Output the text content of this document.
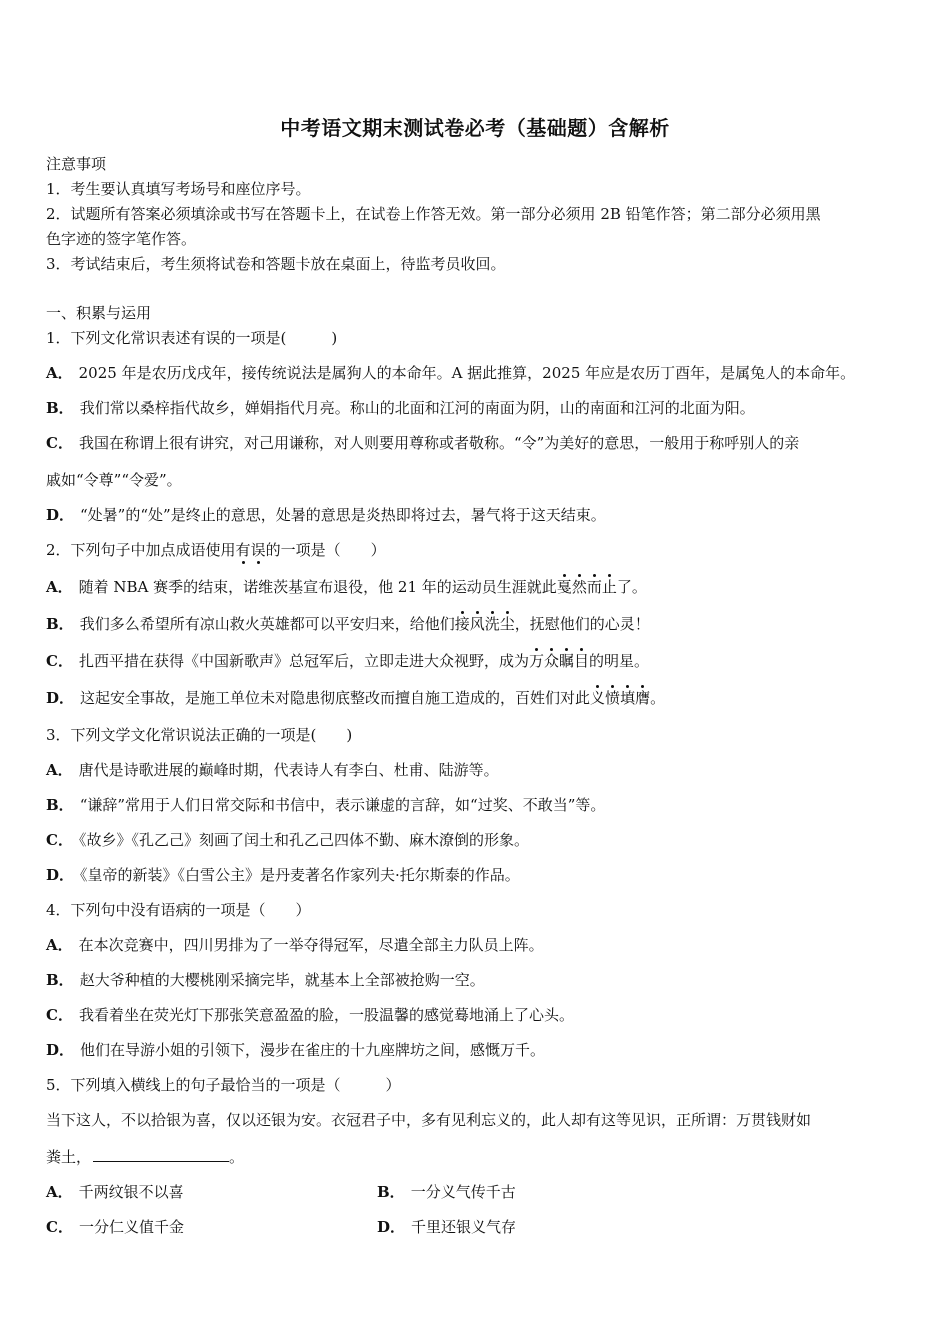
中考语文期末测试卷必考（基础题）含解析
注意事项
1．考生要认真填写考场号和座位序号。
2．试题所有答案必须填涂或书写在答题卡上，在试卷上作答无效。第一部分必须用 2B 铅笔作答；第二部分必须用黑
色字迹的签字笔作答。
3．考试结束后，考生须将试卷和答题卡放在桌面上，待监考员收回。
一、积累与运用
1．下列文化常识表述有误的一项是(　　　)
A． 2025 年是农历戊戌年，接传统说法是属狗人的本命年。A 据此推算，2025 年应是农历丁酉年，是属兔人的本命年。
B． 我们常以桑梓指代故乡，婵娟指代月亮。称山的北面和江河的南面为阴，山的南面和江河的北面为阳。
C． 我国在称谓上很有讲究，对己用谦称，对人则要用尊称或者敬称。“令”为美好的意思，一般用于称呼别人的亲
戚如“令尊”“令爱”。
D． “处暑”的“处”是终止的意思，处暑的意思是炎热即将过去，暑气将于这天结束。
2．下列句子中加点成语使用有误的一项是（　　）
A． 随着 NBA 赛季的结束，诺维茨基宣布退役，他 21 年的运动员生涯就此戛然而止了。
B． 我们多么希望所有凉山救火英雄都可以平安归来，给他们接风洗尘，抚慰他们的心灵！
C． 扎西平措在获得《中国新歌声》总冠军后，立即走进大众视野，成为万众瞩目的明星。
D． 这起安全事故，是施工单位未对隐患彻底整改而擅自施工造成的，百姓们对此义愤填膺。
3．下列文学文化常识说法正确的一项是(　　)
A． 唐代是诗歌进展的巅峰时期，代表诗人有李白、杜甫、陆游等。
B． “谦辞”常用于人们日常交际和书信中，表示谦虚的言辞，如“过奖、不敢当”等。
C． 《故乡》《孔乙己》刻画了闰土和孔乙己四体不勤、麻木潦倒的形象。
D． 《皇帝的新装》《白雪公主》是丹麦著名作家列夫·托尔斯泰的作品。
4．下列句中没有语病的一项是（　　）
A． 在本次竞赛中，四川男排为了一举夺得冠军，尽遣全部主力队员上阵。
B． 赵大爷种植的大樱桃刚采摘完毕，就基本上全部被抢购一空。
C． 我看着坐在荧光灯下那张笑意盈盈的脸，一股温馨的感觉蓦地涌上了心头。
D． 他们在导游小姐的引领下，漫步在雀庄的十九座牌坊之间，感慨万千。
5．下列填入横线上的句子最恰当的一项是（　　　）
当下这人，不以拾银为喜，仅以还银为安。衣冠君子中，多有见利忘义的，此人却有这等见识，正所谓：万贯钱财如
粪土，	。
A． 千两纹银不以喜	B． 一分义气传千古
C． 一分仁义值千金	D． 千里还银义气存
